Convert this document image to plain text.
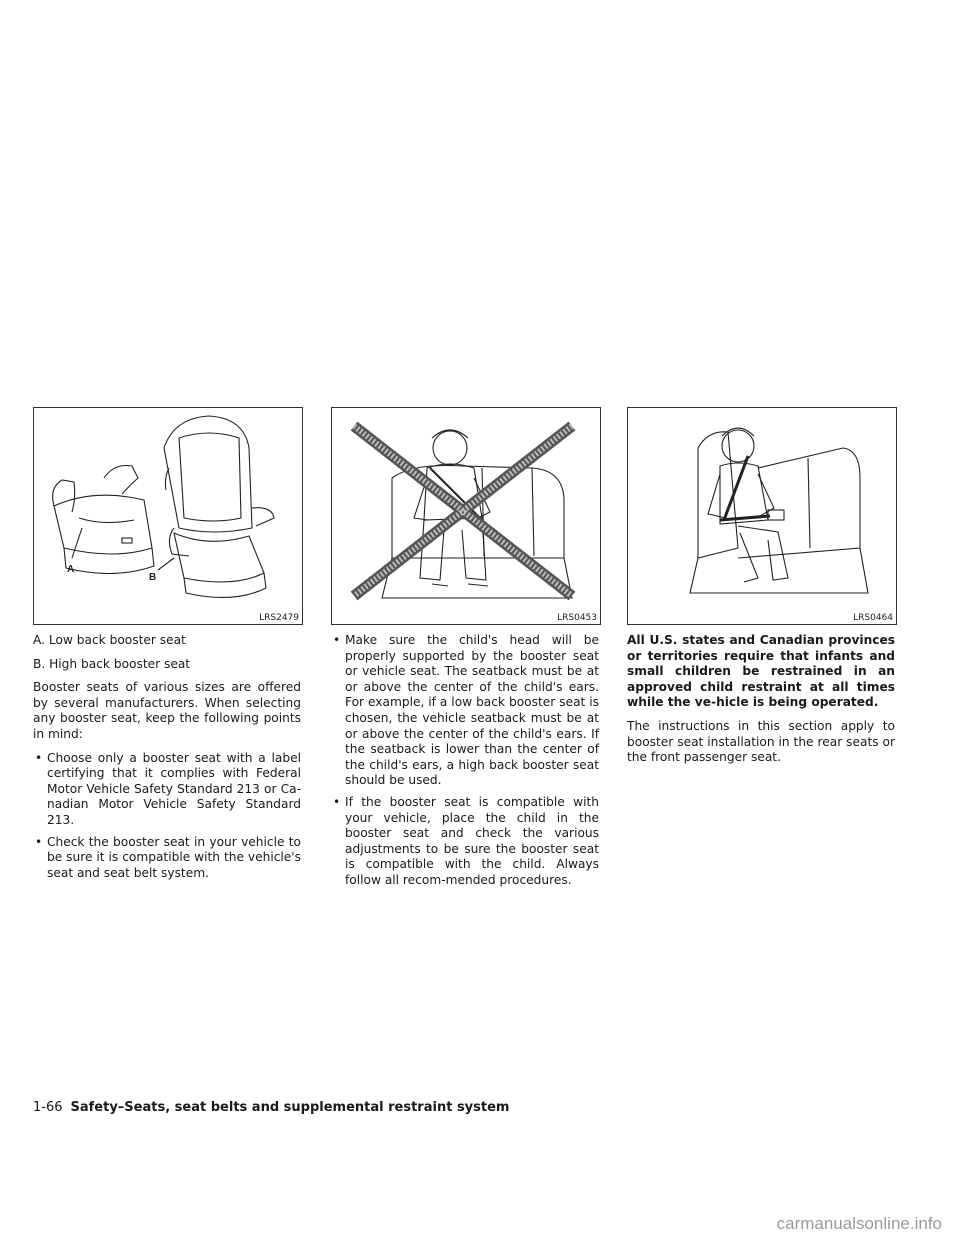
A
B
LRS2479	LRS0453	LRS0464

A. Low back booster seat

B. High back booster seat

Booster seats of various sizes are offered by several manufacturers. When selecting any booster seat, keep the following points in mind:

• Choose only a booster seat with a label certifying that it complies with Federal Motor Vehicle Safety Standard 213 or Ca-nadian Motor Vehicle Safety Standard 213.
• Check the booster seat in your vehicle to be sure it is compatible with the vehicle's seat and seat belt system.
• Make sure the child's head will be properly supported by the booster seat or vehicle seat. The seatback must be at or above the center of the child's ears. For example, if a low back booster seat is chosen, the vehicle seatback must be at or above the center of the child's ears. If the seatback is lower than the center of the child's ears, a high back booster seat should be used.
• If the booster seat is compatible with your vehicle, place the child in the booster seat and check the various adjustments to be sure the booster seat is compatible with the child. Always follow all recom-mended procedures.

All U.S. states and Canadian provinces or territories require that infants and small children be restrained in an approved child restraint at all times while the ve-hicle is being operated.

The instructions in this section apply to booster seat installation in the rear seats or the front passenger seat.

1-66 Safety–Seats, seat belts and supplemental restraint system
carmanualsonline.info
